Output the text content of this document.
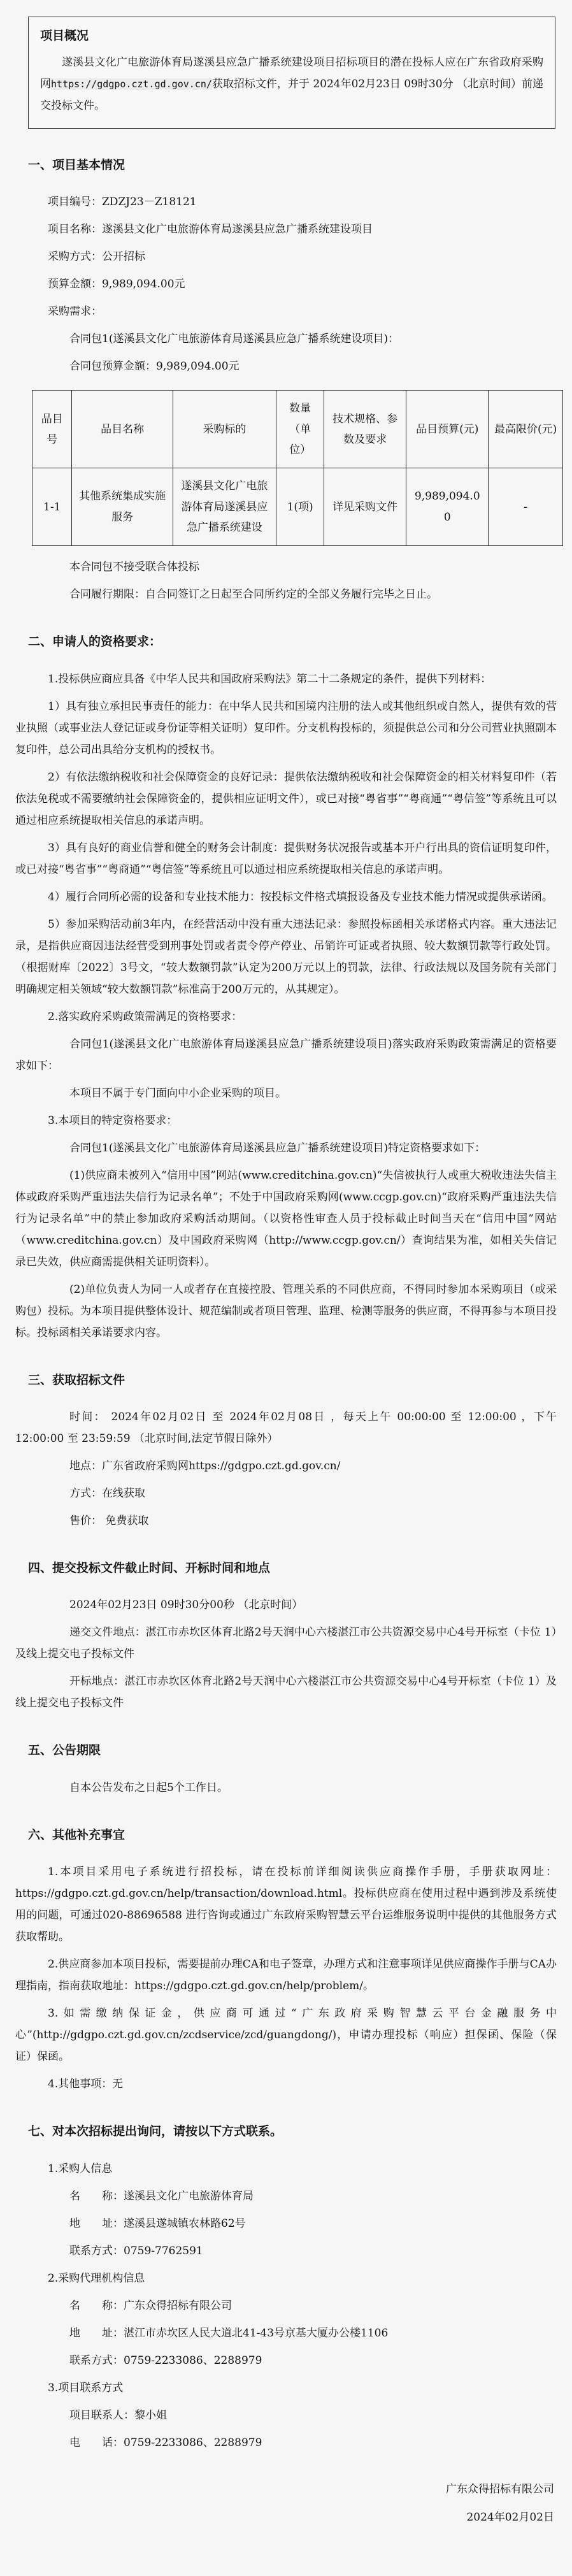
项目概况

遂溪县文化广电旅游体育局遂溪县应急广播系统建设项目招标项目的潜在投标人应在广东省政府采购网https://gdgpo.czt.gd.gov.cn/获取招标文件，并于 2024年02月23日 09时30分 （北京时间）前递交投标文件。

一、项目基本情况

项目编号：ZDZJ23－Z18121

项目名称：遂溪县文化广电旅游体育局遂溪县应急广播系统建设项目

采购方式：公开招标

预算金额：9,989,094.00元

采购需求：

合同包1(遂溪县文化广电旅游体育局遂溪县应急广播系统建设项目)：

合同包预算金额：9,989,094.00元

品目号	品目名称	采购标的	数量（单位）	技术规格、参数及要求	品目预算(元)	最高限价(元)
1-1	其他系统集成实施服务	遂溪县文化广电旅游体育局遂溪县应急广播系统建设	1(项)	详见采购文件	9,989,094.00	-

本合同包不接受联合体投标

合同履行期限：自合同签订之日起至合同所约定的全部义务履行完毕之日止。

二、申请人的资格要求：

1.投标供应商应具备《中华人民共和国政府采购法》第二十二条规定的条件，提供下列材料：

1）具有独立承担民事责任的能力：在中华人民共和国境内注册的法人或其他组织或自然人，提供有效的营业执照（或事业法人登记证或身份证等相关证明）复印件。分支机构投标的，须提供总公司和分公司营业执照副本复印件，总公司出具给分支机构的授权书。

2）有依法缴纳税收和社会保障资金的良好记录：提供依法缴纳税收和社会保障资金的相关材料复印件（若依法免税或不需要缴纳社会保障资金的，提供相应证明文件），或已对接“粤省事”“粤商通”“粤信签”等系统且可以通过相应系统提取相关信息的承诺声明。

3）具有良好的商业信誉和健全的财务会计制度：提供财务状况报告或基本开户行出具的资信证明复印件，或已对接“粤省事”“粤商通”“粤信签”等系统且可以通过相应系统提取相关信息的承诺声明。

4）履行合同所必需的设备和专业技术能力：按投标文件格式填报设备及专业技术能力情况或提供承诺函。

5）参加采购活动前3年内，在经营活动中没有重大违法记录：参照投标函相关承诺格式内容。重大违法记录，是指供应商因违法经营受到刑事处罚或者责令停产停业、吊销许可证或者执照、较大数额罚款等行政处罚。（根据财库〔2022〕3号文，“较大数额罚款”认定为200万元以上的罚款，法律、行政法规以及国务院有关部门明确规定相关领域“较大数额罚款”标准高于200万元的，从其规定）。

2.落实政府采购政策需满足的资格要求：

合同包1(遂溪县文化广电旅游体育局遂溪县应急广播系统建设项目)落实政府采购政策需满足的资格要求如下：

本项目不属于专门面向中小企业采购的项目。

3.本项目的特定资格要求：

合同包1(遂溪县文化广电旅游体育局遂溪县应急广播系统建设项目)特定资格要求如下：

(1)供应商未被列入“信用中国”网站(www.creditchina.gov.cn)“失信被执行人或重大税收违法失信主体或政府采购严重违法失信行为记录名单”；不处于中国政府采购网(www.ccgp.gov.cn)“政府采购严重违法失信行为记录名单”中的禁止参加政府采购活动期间。（以资格性审查人员于投标截止时间当天在“信用中国”网站（www.creditchina.gov.cn）及中国政府采购网（http://www.ccgp.gov.cn/）查询结果为准，如相关失信记录已失效，供应商需提供相关证明资料）。

(2)单位负责人为同一人或者存在直接控股、管理关系的不同供应商，不得同时参加本采购项目（或采购包）投标。为本项目提供整体设计、规范编制或者项目管理、监理、检测等服务的供应商，不得再参与本项目投标。投标函相关承诺要求内容。

三、获取招标文件

时间： 2024年02月02日 至 2024年02月08日 ，每天上午 00:00:00 至 12:00:00 ，下午 12:00:00 至 23:59:59 （北京时间,法定节假日除外）

地点：广东省政府采购网https://gdgpo.czt.gd.gov.cn/

方式：在线获取

售价： 免费获取

四、提交投标文件截止时间、开标时间和地点

2024年02月23日 09时30分00秒 （北京时间）

递交文件地点：湛江市赤坎区体育北路2号天润中心六楼湛江市公共资源交易中心4号开标室（卡位 1）及线上提交电子投标文件

开标地点：湛江市赤坎区体育北路2号天润中心六楼湛江市公共资源交易中心4号开标室（卡位 1）及线上提交电子投标文件

五、公告期限

自本公告发布之日起5个工作日。

六、其他补充事宜

1.本项目采用电子系统进行招投标，请在投标前详细阅读供应商操作手册，手册获取网址：https://gdgpo.czt.gd.gov.cn/help/transaction/download.html。投标供应商在使用过程中遇到涉及系统使用的问题，可通过020-88696588 进行咨询或通过广东政府采购智慧云平台运维服务说明中提供的其他服务方式获取帮助。

2.供应商参加本项目投标，需要提前办理CA和电子签章，办理方式和注意事项详见供应商操作手册与CA办理指南，指南获取地址：https://gdgpo.czt.gd.gov.cn/help/problem/。

3.如需缴纳保证金，供应商可通过“广东政府采购智慧云平台金融服务中心”(http://gdgpo.czt.gd.gov.cn/zcdservice/zcd/guangdong/)，申请办理投标（响应）担保函、保险（保证）保函。

4.其他事项：无

七、对本次招标提出询问，请按以下方式联系。

1.采购人信息

名　　称：遂溪县文化广电旅游体育局

地　　址：遂溪县遂城镇农林路62号

联系方式：0759-7762591

2.采购代理机构信息

名　　称：广东众得招标有限公司

地　　址：湛江市赤坎区人民大道北41-43号京基大厦办公楼1106

联系方式：0759-2233086、2288979

3.项目联系方式

项目联系人：黎小姐

电　　话：0759-2233086、2288979

广东众得招标有限公司
2024年02月02日
